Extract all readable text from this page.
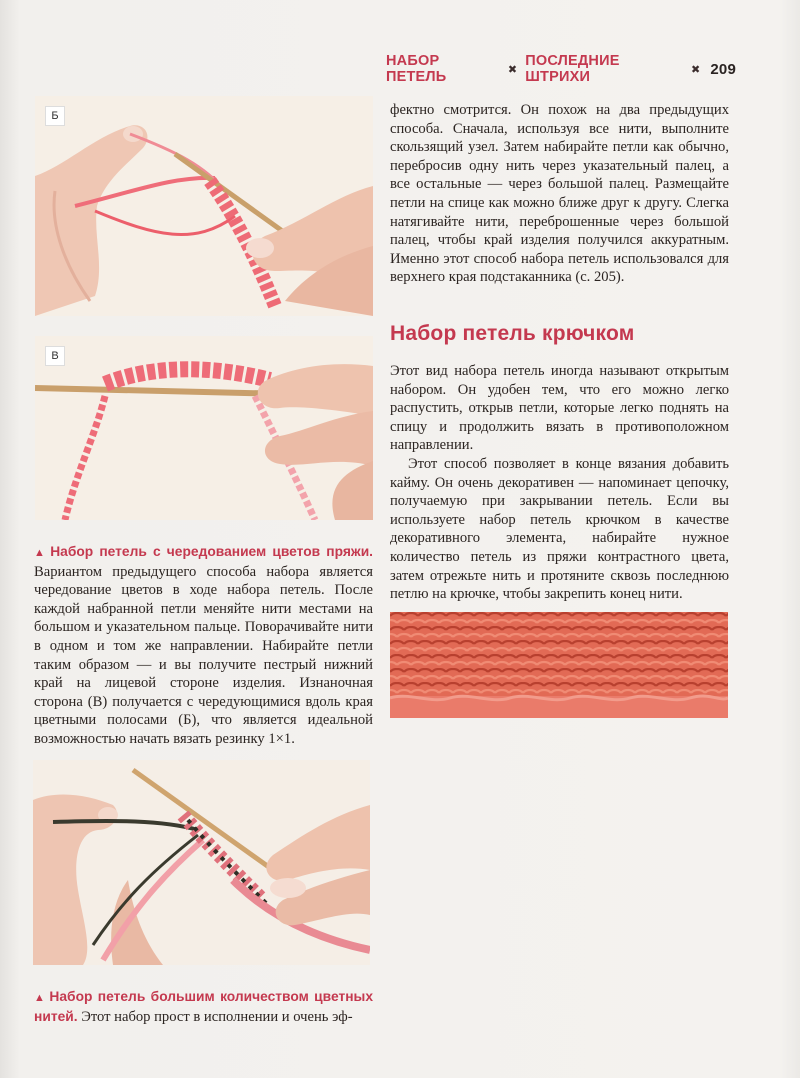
НАБОР ПЕТЕЛЬ	✖
ПОСЛЕДНИЕ ШТРИХИ	✖ 209
Б
В

▲ Набор петель с чередованием цветов пряжи. Вариантом предыдущего способа набора является чередование цветов в ходе набора петель. После каждой набранной петли меняйте нити местами на большом и указательном пальце. Поворачивайте нити в одном и том же направлении. Набирайте петли таким образом — и вы получите пестрый нижний край на лицевой стороне изделия. Изнаночная сторона (В) получается с чередующимися вдоль края цветными полосами (Б), что является идеальной возможностью начать вязать резинку 1×1.

▲ Набор петель большим количеством цветных нитей. Этот набор прост в исполнении и очень эф-

фектно смотрится. Он похож на два предыдущих способа. Сначала, используя все нити, выполните скользящий узел. Затем набирайте петли как обычно, перебросив одну нить через указательный палец, а все остальные — через большой палец. Размещайте петли на спице как можно ближе друг к другу. Слегка натягивайте нити, переброшенные через большой палец, чтобы край изделия получился аккуратным. Именно этот способ набора петель использовался для верхнего края подстаканника (с. 205).

Набор петель крючком

Этот вид набора петель иногда называют открытым набором. Он удобен тем, что его можно легко распустить, открыв петли, которые легко поднять на спицу и продолжить вязать в противоположном направлении.

Этот способ позволяет в конце вязания добавить кайму. Он очень декоративен — напоминает цепочку, получаемую при закрывании петель. Если вы используете набор петель крючком в качестве декоративного элемента, набирайте нужное количество петель из пряжи контрастного цвета, затем отрежьте нить и протяните сквозь последнюю петлю на крючке, чтобы закрепить конец нити.
